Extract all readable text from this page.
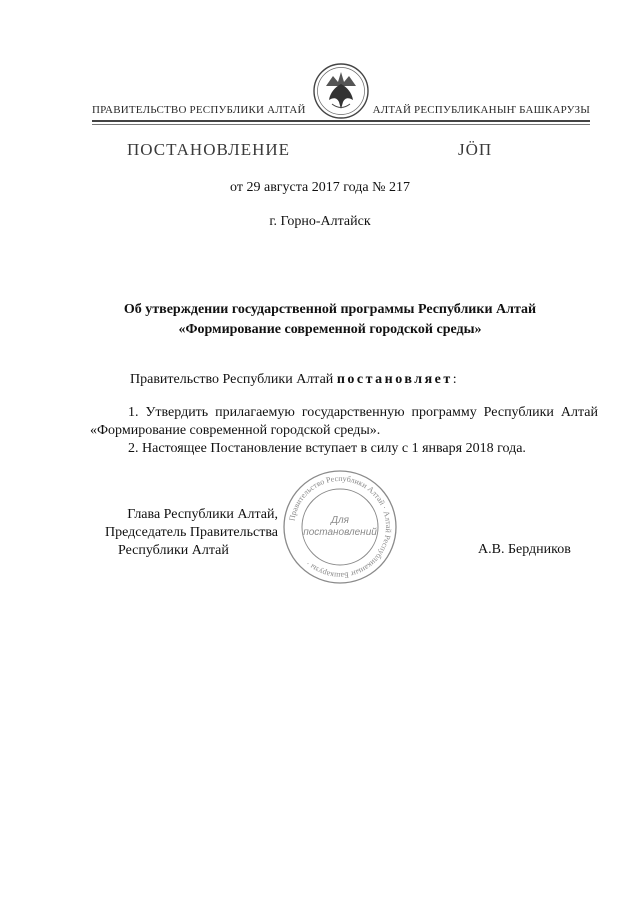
ПРАВИТЕЛЬСТВО РЕСПУБЛИКИ АЛТАЙ	АЛТАЙ РЕСПУБЛИКАНЫҤ БАШКАРУЗЫ
ПОСТАНОВЛЕНИЕ	JӦП
от 29 августа 2017 года № 217
г. Горно-Алтайск
Об утверждении государственной программы Республики Алтай
«Формирование современной городской среды»
Правительство Республики Алтай постановляет:

1. Утвердить прилагаемую государственную программу Республики Алтай «Формирование современной городской среды».

2. Настоящее Постановление вступает в силу с 1 января 2018 года.

Глава Республики Алтай,
Председатель Правительства
Республики Алтай	А.В. Бердников
Правительство Республики Алтай · Алтай Республиканыҥ Башкарузы ·
Для
постановлений
